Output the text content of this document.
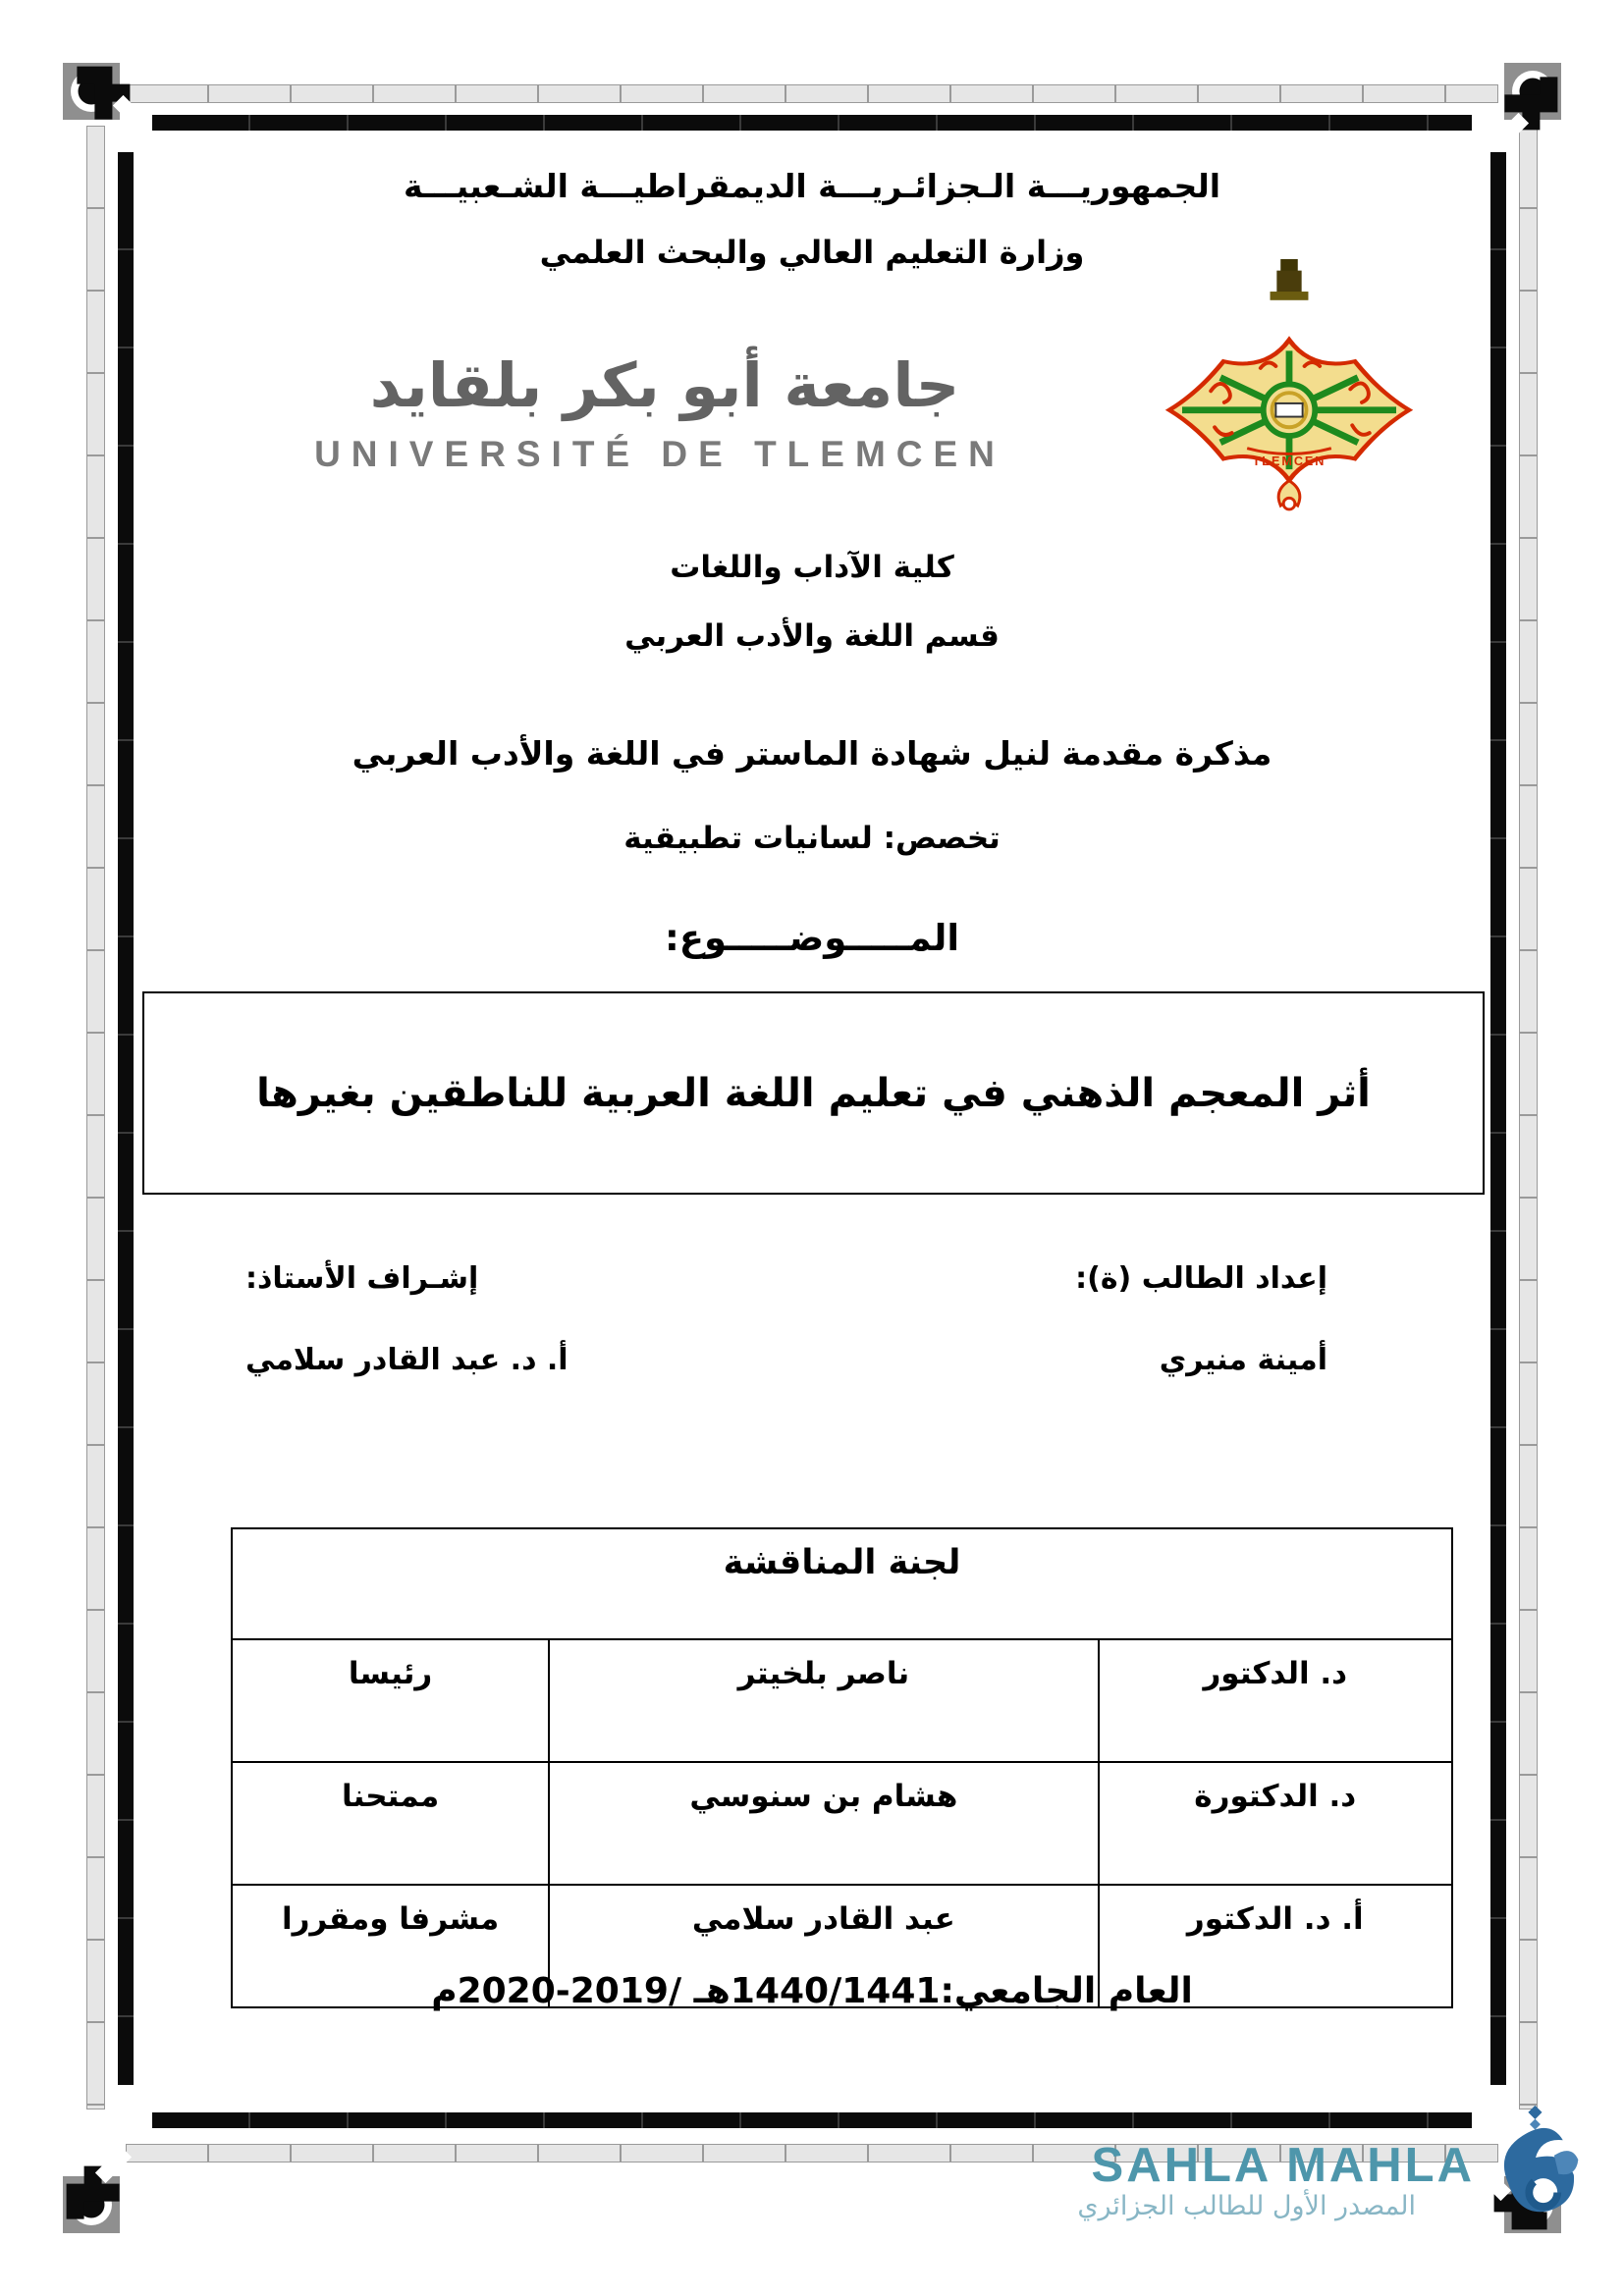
الجمهوريـــة الـجزائـريـــة الديمقراطيـــة الشـعبيـــة
وزارة التعليم العالي والبحث العلمي
جامعة أبو بكر بلقايد
UNIVERSITÉ DE TLEMCEN	TLEMCEN
كلية الآداب واللغات
قسم اللغة والأدب العربي
مذكرة مقدمة لنيل شهادة الماستر في اللغة والأدب العربي
تخصص: لسانيات تطبيقية
المـــــوضـــــوع:
أثر المعجم الذهني في تعليم اللغة العربية للناطقين بغيرها
إعداد الطالب (ة):
أمينة منيري
إشـراف الأستاذ:
أ. د. عبد القادر سلامي
لجنة المناقشة		
د. الدكتور	ناصر بلخيتر	رئيسا
د. الدكتورة	هشام بن سنوسي	ممتحنا
أ. د. الدكتور	عبد القادر سلامي	مشرفا ومقررا
العام الجامعي:1440/1441هـ /2019-2020م
SAHLA MAHLA
المصدر الأول للطالب الجزائري
